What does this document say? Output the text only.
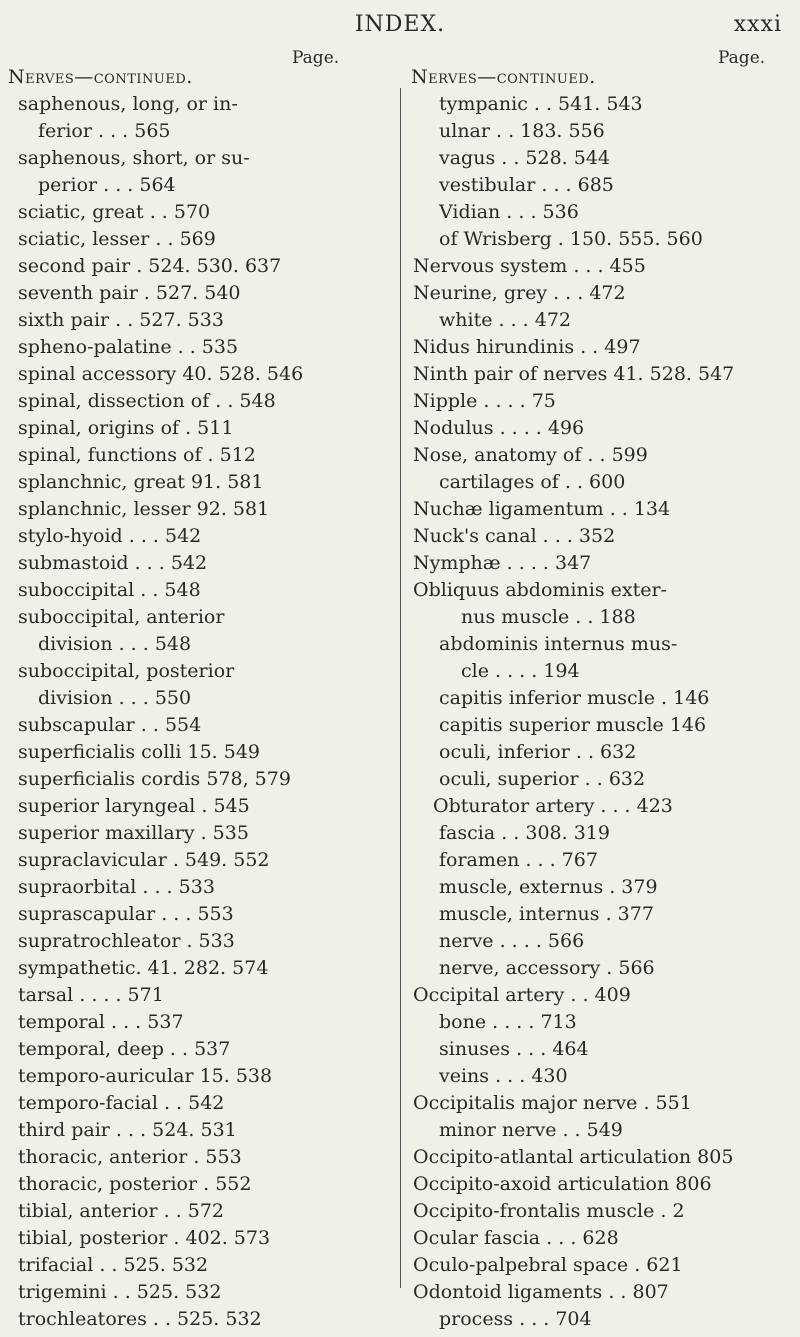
INDEX.	xxxi
Page.	Page.
Nerves—continued.
saphenous, long, or in-
ferior . . . 565
saphenous, short, or su-
perior . . . 564
sciatic, great . . 570
sciatic, lesser . . 569
second pair . 524. 530. 637
seventh pair . 527. 540
sixth pair . . 527. 533
spheno-palatine . . 535
spinal accessory 40. 528. 546
spinal, dissection of . . 548
spinal, origins of . 511
spinal, functions of . 512
splanchnic, great 91. 581
splanchnic, lesser 92. 581
stylo-hyoid . . . 542
submastoid . . . 542
suboccipital . . 548
suboccipital, anterior
division . . . 548
suboccipital, posterior
division . . . 550
subscapular . . 554
superficialis colli 15. 549
superficialis cordis 578, 579
superior laryngeal . 545
superior maxillary . 535
supraclavicular . 549. 552
supraorbital . . . 533
suprascapular . . . 553
supratrochleator . 533
sympathetic. 41. 282. 574
tarsal . . . . 571
temporal . . . 537
temporal, deep . . 537
temporo-auricular 15. 538
temporo-facial . . 542
third pair . . . 524. 531
thoracic, anterior . 553
thoracic, posterior . 552
tibial, anterior . . 572
tibial, posterior . 402. 573
trifacial . . 525. 532
trigemini . . 525. 532
trochleatores . . 525. 532
Nerves—continued.
tympanic . . 541. 543
ulnar . . 183. 556
vagus . . 528. 544
vestibular . . . 685
Vidian . . . 536
of Wrisberg . 150. 555. 560
Nervous system . . . 455
Neurine, grey . . . 472
white . . . 472
Nidus hirundinis . . 497
Ninth pair of nerves 41. 528. 547
Nipple . . . . 75
Nodulus . . . . 496
Nose, anatomy of . . 599
cartilages of . . 600
Nuchæ ligamentum . . 134
Nuck's canal . . . 352
Nymphæ . . . . 347
Obliquus abdominis exter-
nus muscle . . 188
abdominis internus mus-
cle . . . . 194
capitis inferior muscle . 146
capitis superior muscle 146
oculi, inferior . . 632
oculi, superior . . 632
Obturator artery . . . 423
fascia . . 308. 319
foramen . . . 767
muscle, externus . 379
muscle, internus . 377
nerve . . . . 566
nerve, accessory . 566
Occipital artery . . 409
bone . . . . 713
sinuses . . . 464
veins . . . 430
Occipitalis major nerve . 551
minor nerve . . 549
Occipito-atlantal articulation 805
Occipito-axoid articulation 806
Occipito-frontalis muscle . 2
Ocular fascia . . . 628
Oculo-palpebral space . 621
Odontoid ligaments . . 807
process . . . 704
